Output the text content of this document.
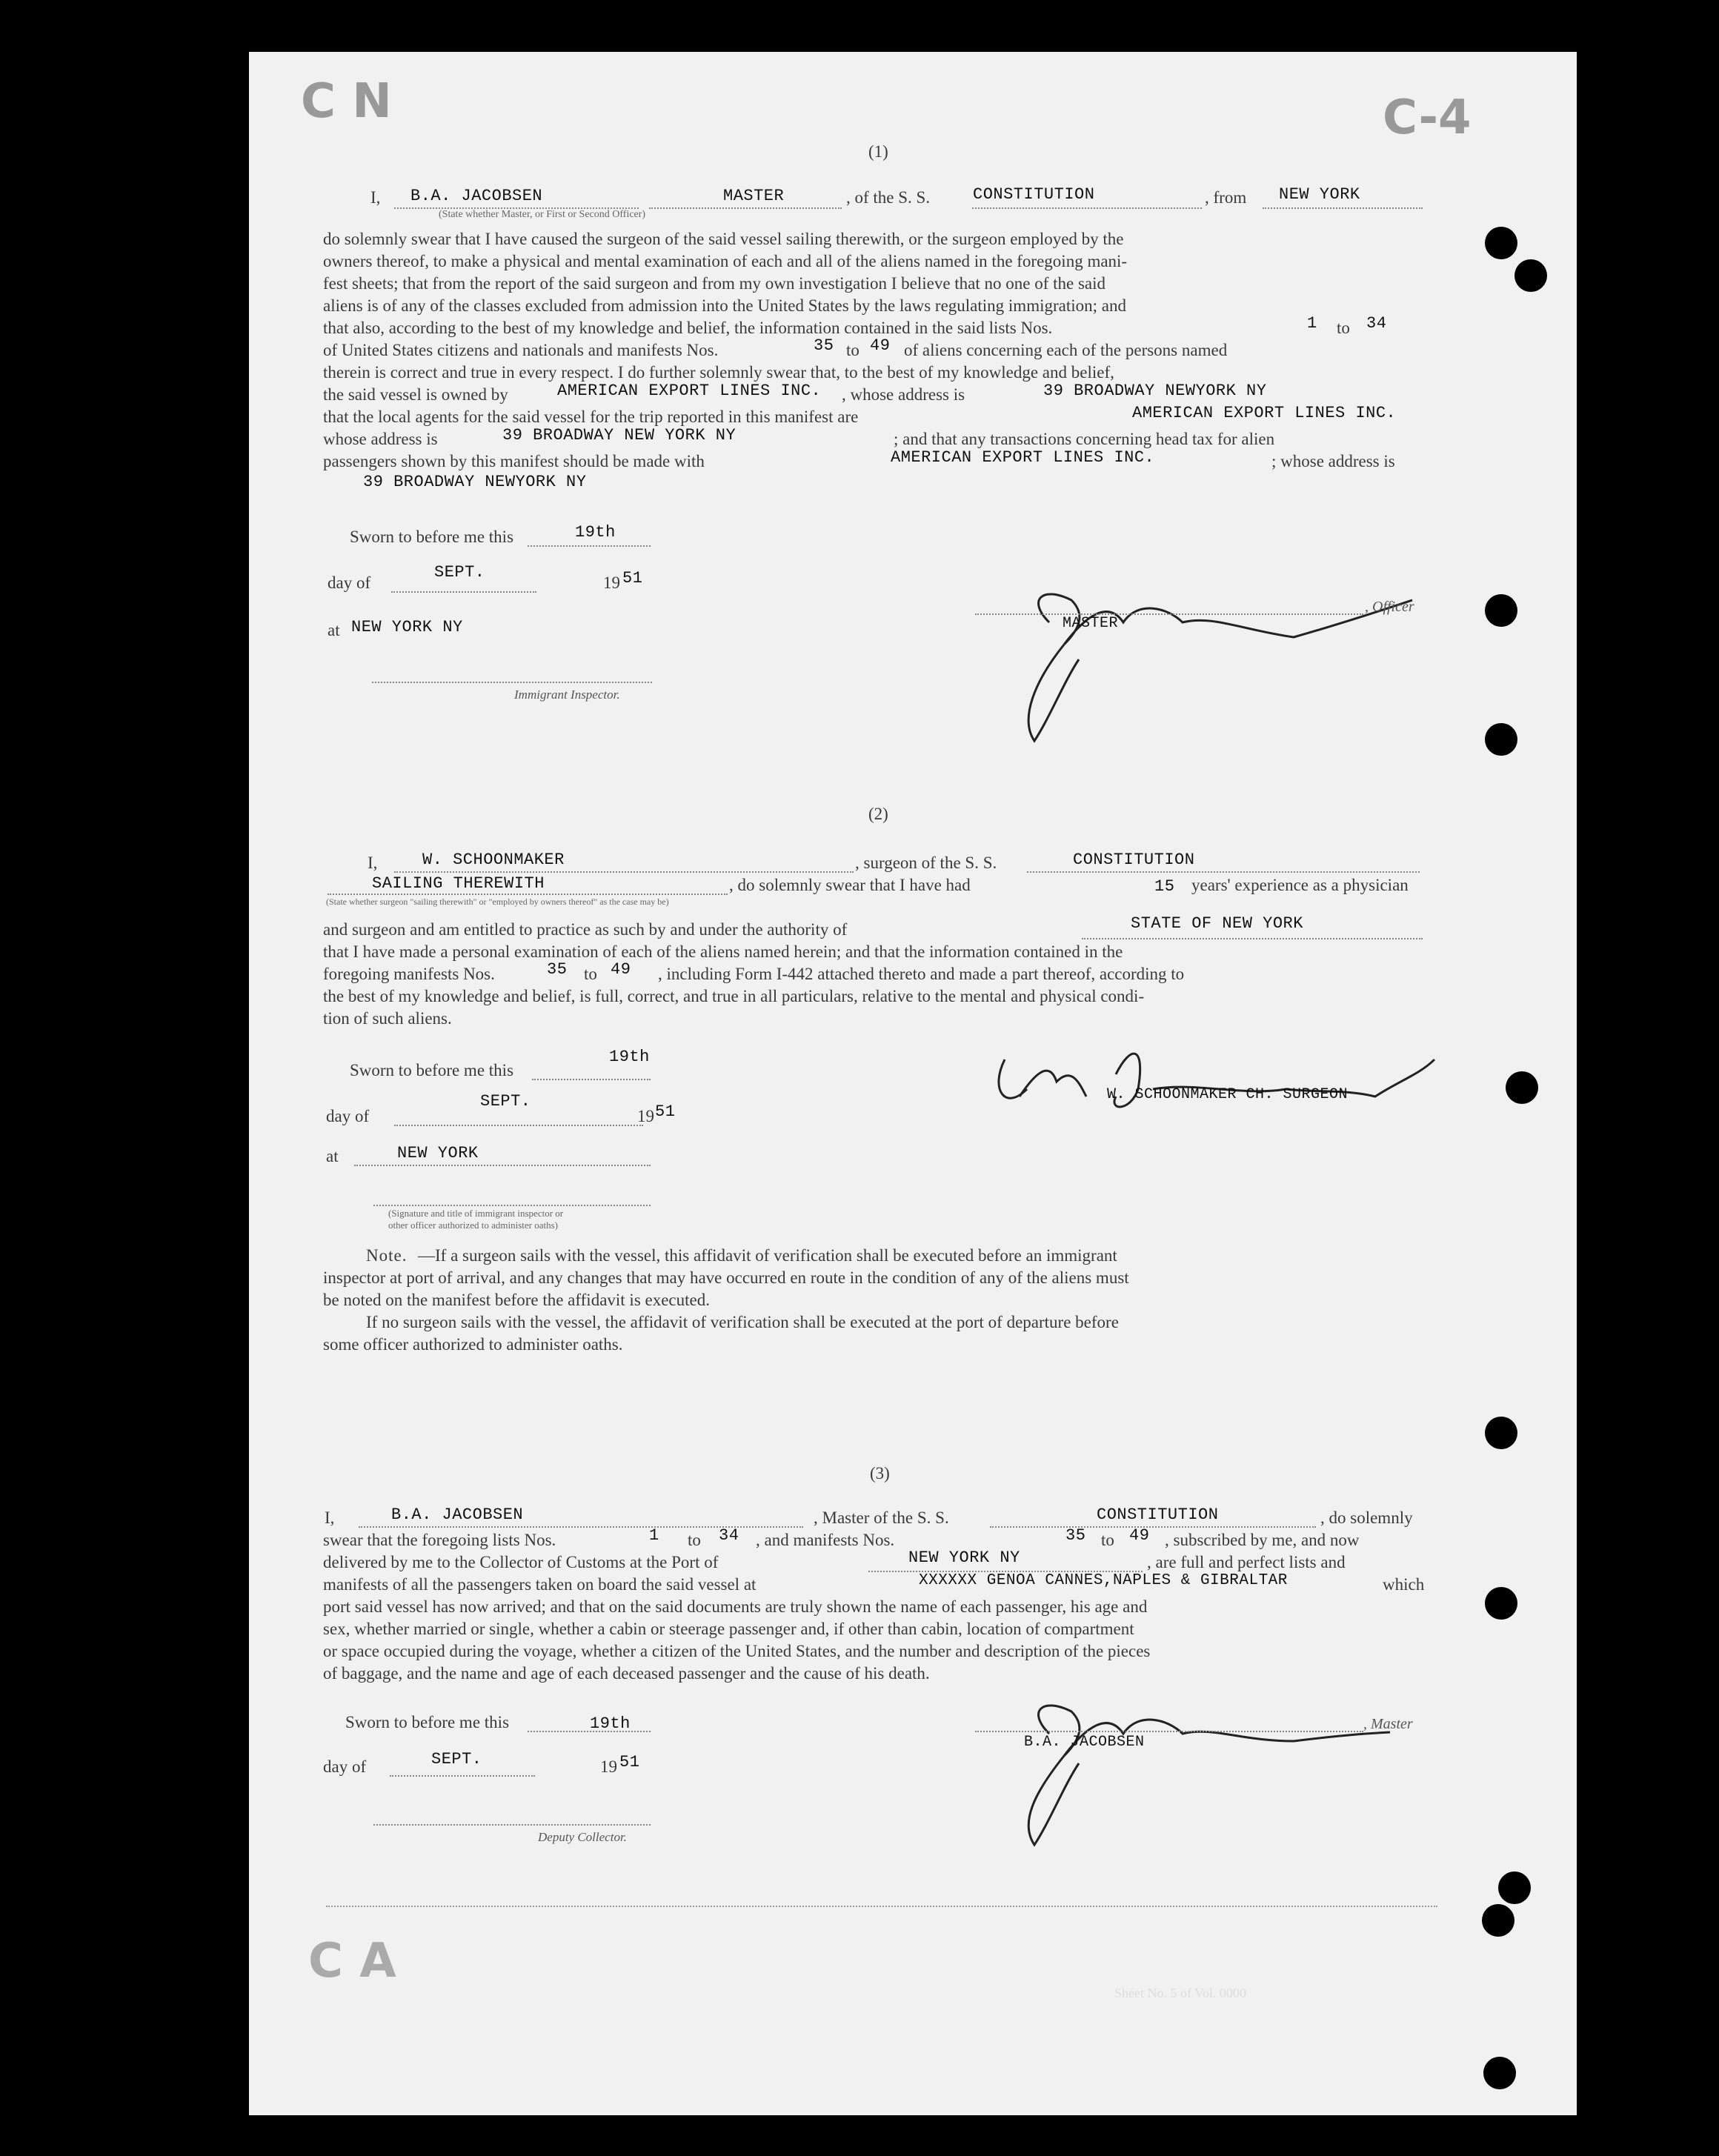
C N	C-4
C A
(1)
I, B.A. JACOBSEN	MASTER	, of the S. S.	CONSTITUTION	, from NEW YORK
(State whether Master, or First or Second Officer)
do solemnly swear that I have caused the surgeon of the said vessel sailing therewith, or the surgeon employed by the
owners thereof, to make a physical and mental examination of each and all of the aliens named in the foregoing mani-
fest sheets; that from the report of the said surgeon and from my own investigation I believe that no one of the said
aliens is of any of the classes excluded from admission into the United States by the laws regulating immigration; and
that also, according to the best of my knowledge and belief, the information contained in the said lists Nos.	1 to 34
of United States citizens and nationals and manifests Nos.	35 to 49 of aliens concerning each of the persons named
therein is correct and true in every respect. I do further solemnly swear that, to the best of my knowledge and belief,
the said vessel is owned by	AMERICAN EXPORT LINES INC. , whose address is	39 BROADWAY NEWYORK NY
that the local agents for the said vessel for the trip reported in this manifest are	AMERICAN EXPORT LINES INC.
whose address is	39 BROADWAY NEW YORK NY	; and that any transactions concerning head tax for alien
passengers shown by this manifest should be made with	AMERICAN EXPORT LINES INC.	; whose address is
39 BROADWAY NEWYORK NY
Sworn to before me this	19th
day of
SEPT.
19 51
at NEW YORK NY
Immigrant Inspector.
, Officer
MASTER
(2)
I,	W. SCHOONMAKER	, surgeon of the S. S.	CONSTITUTION
SAILING THEREWITH	, do solemnly swear that I have had	15 years' experience as a physician
(State whether surgeon "sailing therewith" or "employed by owners thereof" as the case may be)
and surgeon and am entitled to practice as such by and under the authority of	STATE OF NEW YORK
that I have made a personal examination of each of the aliens named herein; and that the information contained in the
foregoing manifests Nos.	35 to 49 , including Form I-442 attached thereto and made a part thereof, according to
the best of my knowledge and belief, is full, correct, and true in all particulars, relative to the mental and physical condi-
tion of such aliens.
Sworn to before me this
19th
day of
SEPT.
19 51
at	NEW YORK
(Signature and title of immigrant inspector or
other officer authorized to administer oaths)
W. SCHOONMAKER CH. SURGEON
Note. —If a surgeon sails with the vessel, this affidavit of verification shall be executed before an immigrant
inspector at port of arrival, and any changes that may have occurred en route in the condition of any of the aliens must
be noted on the manifest before the affidavit is executed.
If no surgeon sails with the vessel, the affidavit of verification shall be executed at the port of departure before
some officer authorized to administer oaths.
(3)
I,	B.A. JACOBSEN	, Master of the S. S.	CONSTITUTION	, do solemnly
swear that the foregoing lists Nos.	1 to 34 , and manifests Nos.	35 to 49 , subscribed by me, and now
delivered by me to the Collector of Customs at the Port of	NEW YORK NY	, are full and perfect lists and
manifests of all the passengers taken on board the said vessel at	XXXXXX GENOA CANNES,NAPLES & GIBRALTAR	which
port said vessel has now arrived; and that on the said documents are truly shown the name of each passenger, his age and
sex, whether married or single, whether a cabin or steerage passenger and, if other than cabin, location of compartment
or space occupied during the voyage, whether a citizen of the United States, and the number and description of the pieces
of baggage, and the name and age of each deceased passenger and the cause of his death.
Sworn to before me this	19th
day of	SEPT.	19 51
Deputy Collector.
, Master
B.A. JACOBSEN
Sheet No. 5 of Vol. 0000
